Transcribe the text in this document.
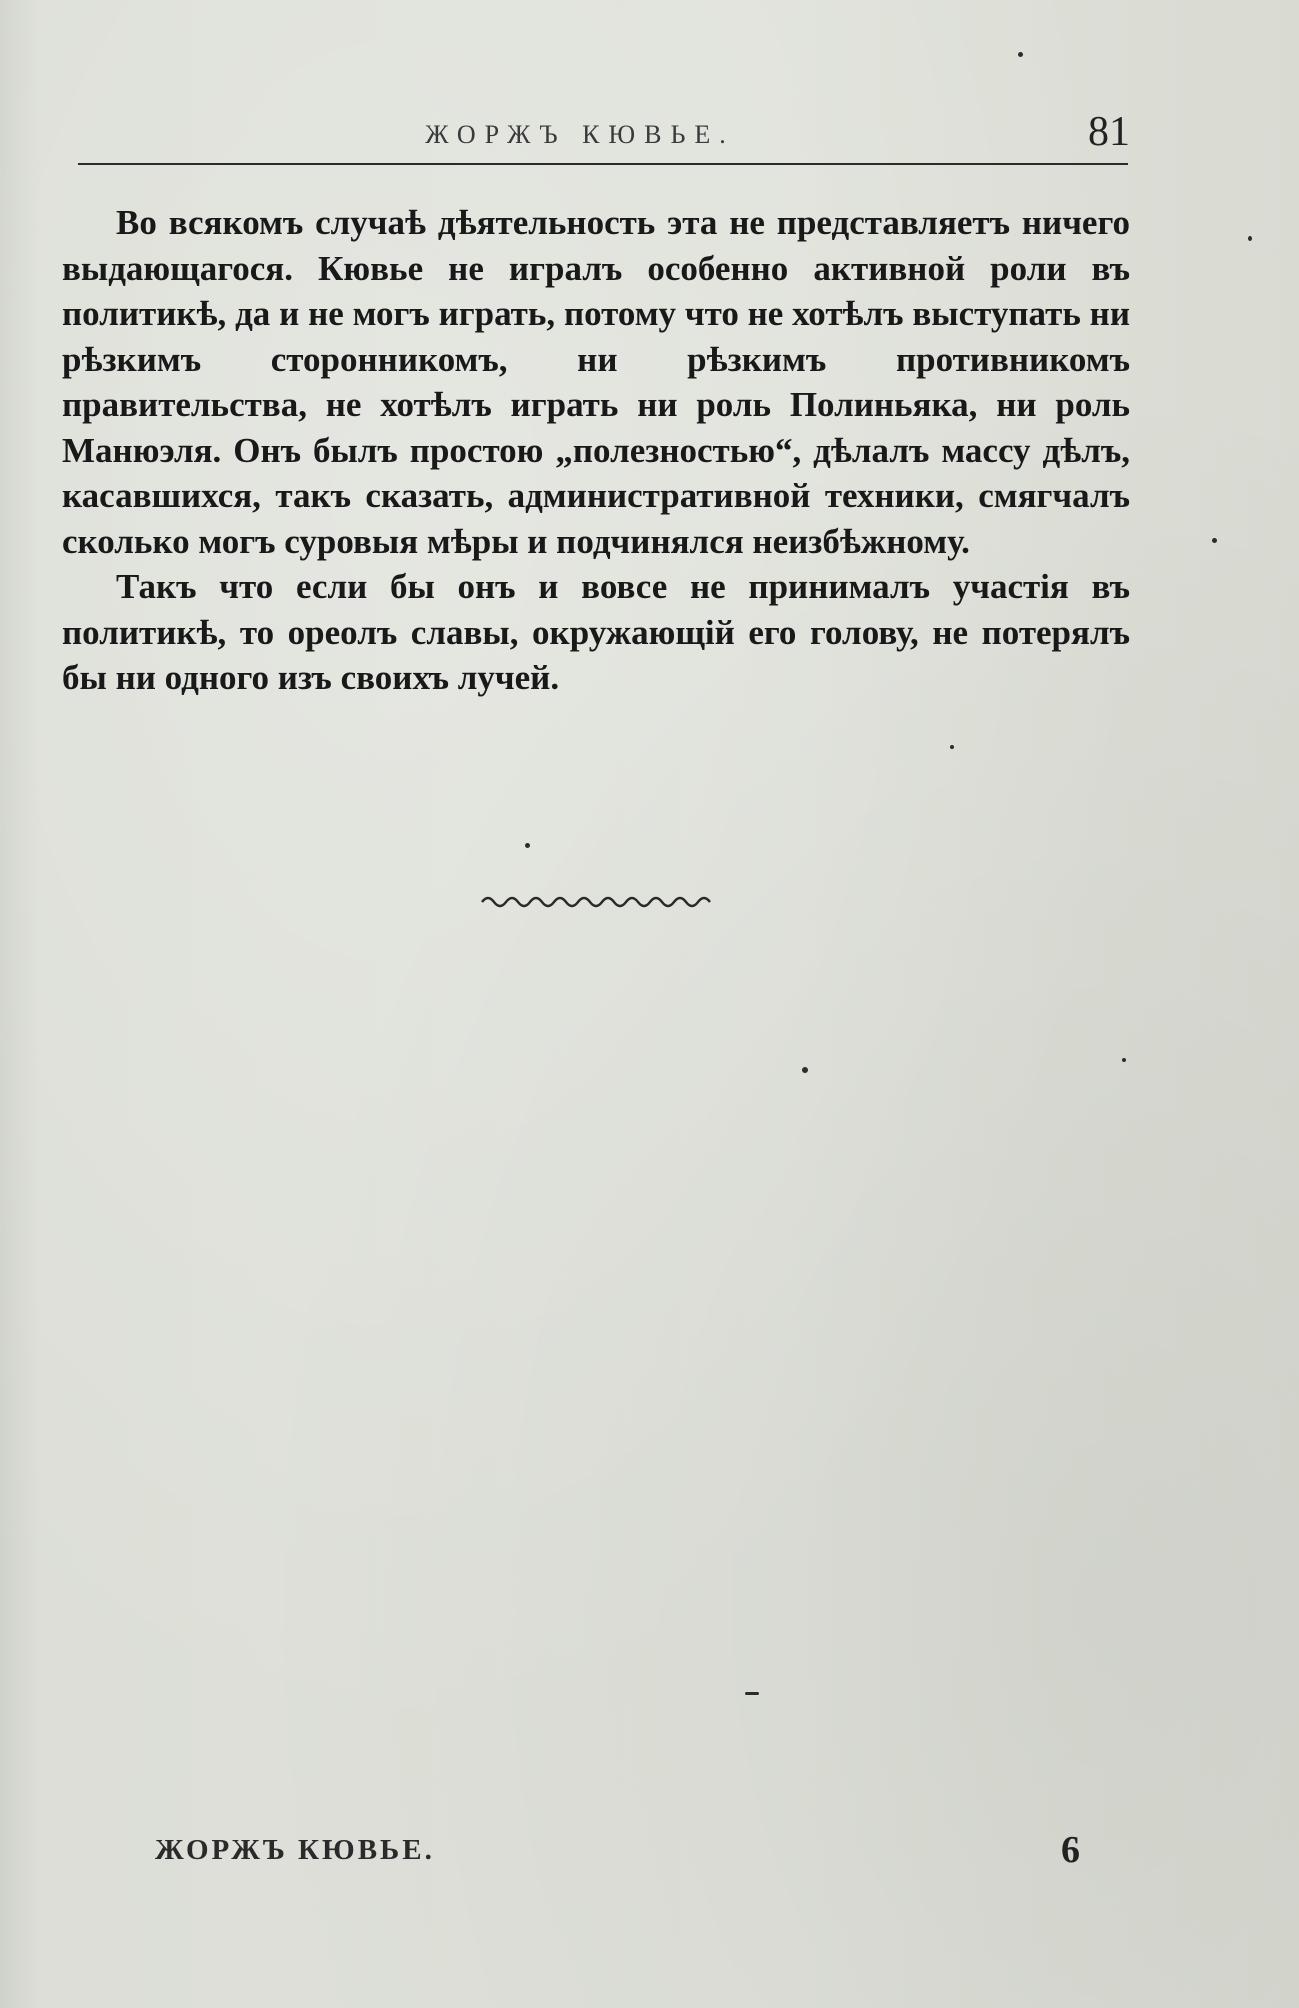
ЖОРЖЪ КЮВЬЕ.	81

Во всякомъ случаѣ дѣятельность эта не представляетъ ничего выдающагося. Кювье не игралъ особенно активной роли въ политикѣ, да и не могъ играть, потому что не хотѣлъ выступать ни рѣзкимъ сторонникомъ, ни рѣзкимъ противникомъ правительства, не хотѣлъ играть ни роль Полиньяка, ни роль Манюэля. Онъ былъ простою „полезностью“, дѣлалъ массу дѣлъ, касавшихся, такъ сказать, административной техники, смягчалъ сколько могъ суровыя мѣры и подчинялся неизбѣжному.

Такъ что если бы онъ и вовсе не принималъ участія въ политикѣ, то ореолъ славы, окружающій его голову, не потерялъ бы ни одного изъ своихъ лучей.

ЖОРЖЪ КЮВЬЕ.	6
